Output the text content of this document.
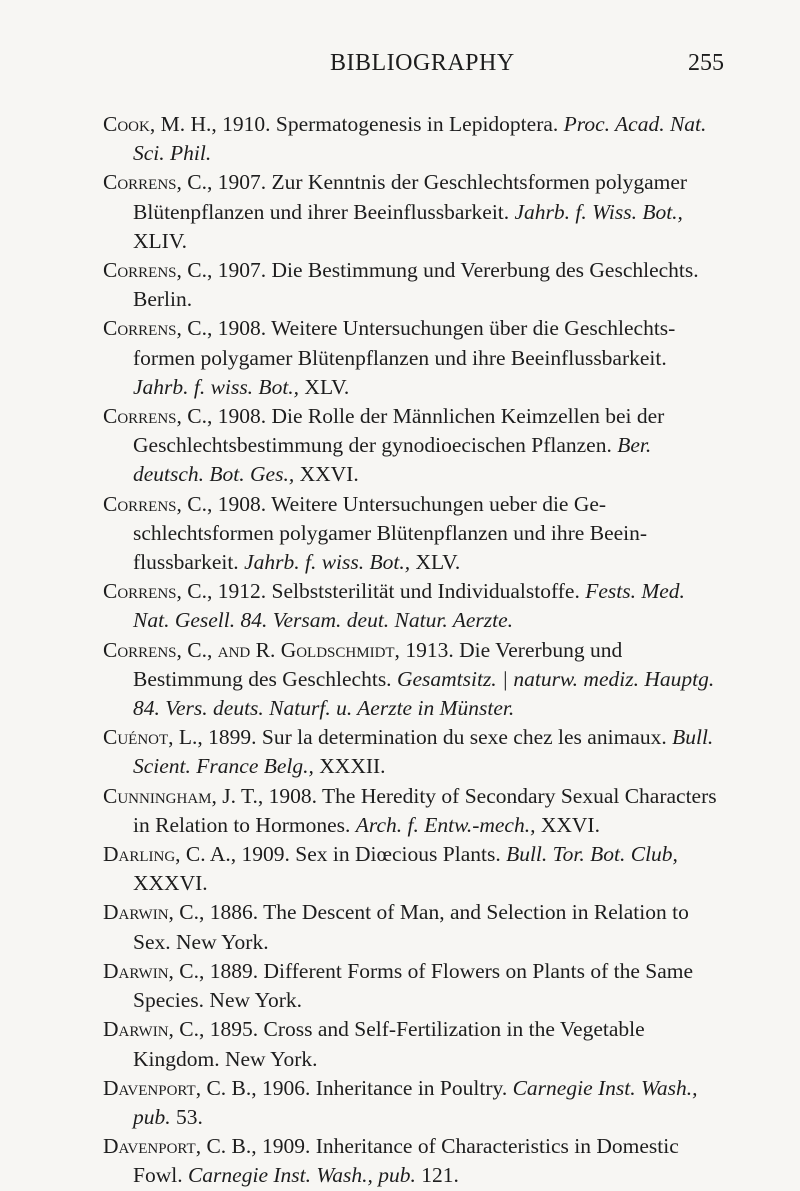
BIBLIOGRAPHY	255

Cook, M. H., 1910. Spermatogenesis in Lepidoptera. Proc. Acad. Nat. Sci. Phil.

Correns, C., 1907. Zur Kenntnis der Geschlechtsformen polygamer Blütenpflanzen und ihrer Beeinflussbarkeit. Jahrb. f. Wiss. Bot., XLIV.

Correns, C., 1907. Die Bestimmung und Vererbung des Geschlechts. Berlin.

Correns, C., 1908. Weitere Untersuchungen über die Geschlechtsformen polygamer Blütenpflanzen und ihre Beeinflussbarkeit. Jahrb. f. wiss. Bot., XLV.

Correns, C., 1908. Die Rolle der Männlichen Keimzellen bei der Geschlechtsbestimmung der gynodioecischen Pflanzen. Ber. deutsch. Bot. Ges., XXVI.

Correns, C., 1908. Weitere Untersuchungen ueber die Geschlechtsformen polygamer Blütenpflanzen und ihre Beeinflussbarkeit. Jahrb. f. wiss. Bot., XLV.

Correns, C., 1912. Selbststerilität und Individualstoffe. Fests. Med. Nat. Gesell. 84. Versam. deut. Natur. Aerzte.

Correns, C., and R. Goldschmidt, 1913. Die Vererbung und Bestimmung des Geschlechts. Gesamtsitz. | naturw. mediz. Hauptg. 84. Vers. deuts. Naturf. u. Aerzte in Münster.

Cuénot, L., 1899. Sur la determination du sexe chez les animaux. Bull. Scient. France Belg., XXXII.

Cunningham, J. T., 1908. The Heredity of Secondary Sexual Characters in Relation to Hormones. Arch. f. Entw.-mech., XXVI.

Darling, C. A., 1909. Sex in Diœcious Plants. Bull. Tor. Bot. Club, XXXVI.

Darwin, C., 1886. The Descent of Man, and Selection in Relation to Sex. New York.

Darwin, C., 1889. Different Forms of Flowers on Plants of the Same Species. New York.

Darwin, C., 1895. Cross and Self-Fertilization in the Vegetable Kingdom. New York.

Davenport, C. B., 1906. Inheritance in Poultry. Carnegie Inst. Wash., pub. 53.

Davenport, C. B., 1909. Inheritance of Characteristics in Domestic Fowl. Carnegie Inst. Wash., pub. 121.
